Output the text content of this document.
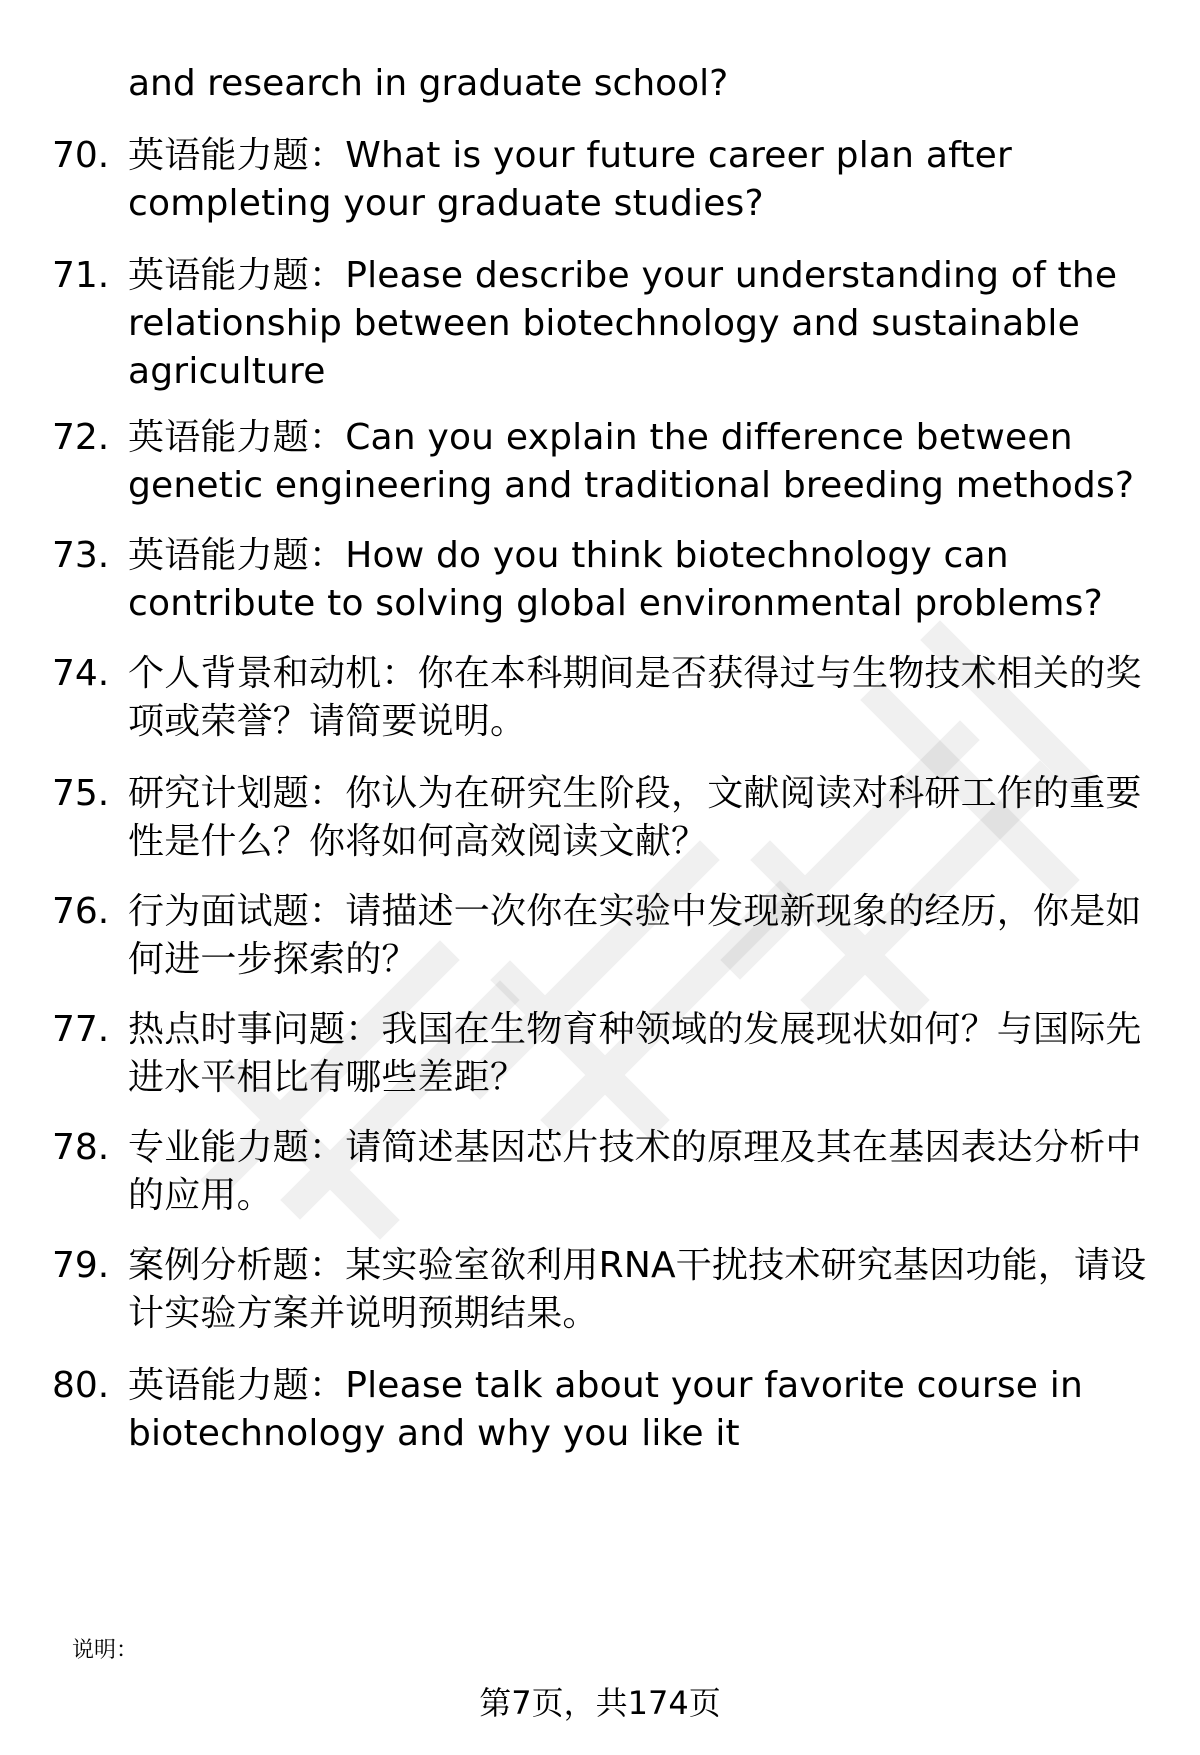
and research in graduate school?
70. 英语能力题：What is your future career plan after completing your graduate studies?
71. 英语能力题：Please describe your understanding of the relationship between biotechnology and sustainable agriculture
72. 英语能力题：Can you explain the difference between genetic engineering and traditional breeding methods?
73. 英语能力题：How do you think biotechnology can contribute to solving global environmental problems?
74. 个人背景和动机：你在本科期间是否获得过与生物技术相关的奖项或荣誉？请简要说明。
75. 研究计划题：你认为在研究生阶段，文献阅读对科研工作的重要性是什么？你将如何高效阅读文献？
76. 行为面试题：请描述一次你在实验中发现新现象的经历，你是如何进一步探索的？
77. 热点时事问题：我国在生物育种领域的发展现状如何？与国际先进水平相比有哪些差距？
78. 专业能力题：请简述基因芯片技术的原理及其在基因表达分析中的应用。
79. 案例分析题：某实验室欲利用RNA干扰技术研究基因功能，请设计实验方案并说明预期结果。
80. 英语能力题：Please talk about your favorite course in biotechnology and why you like it
说明：
第7页，共174页
